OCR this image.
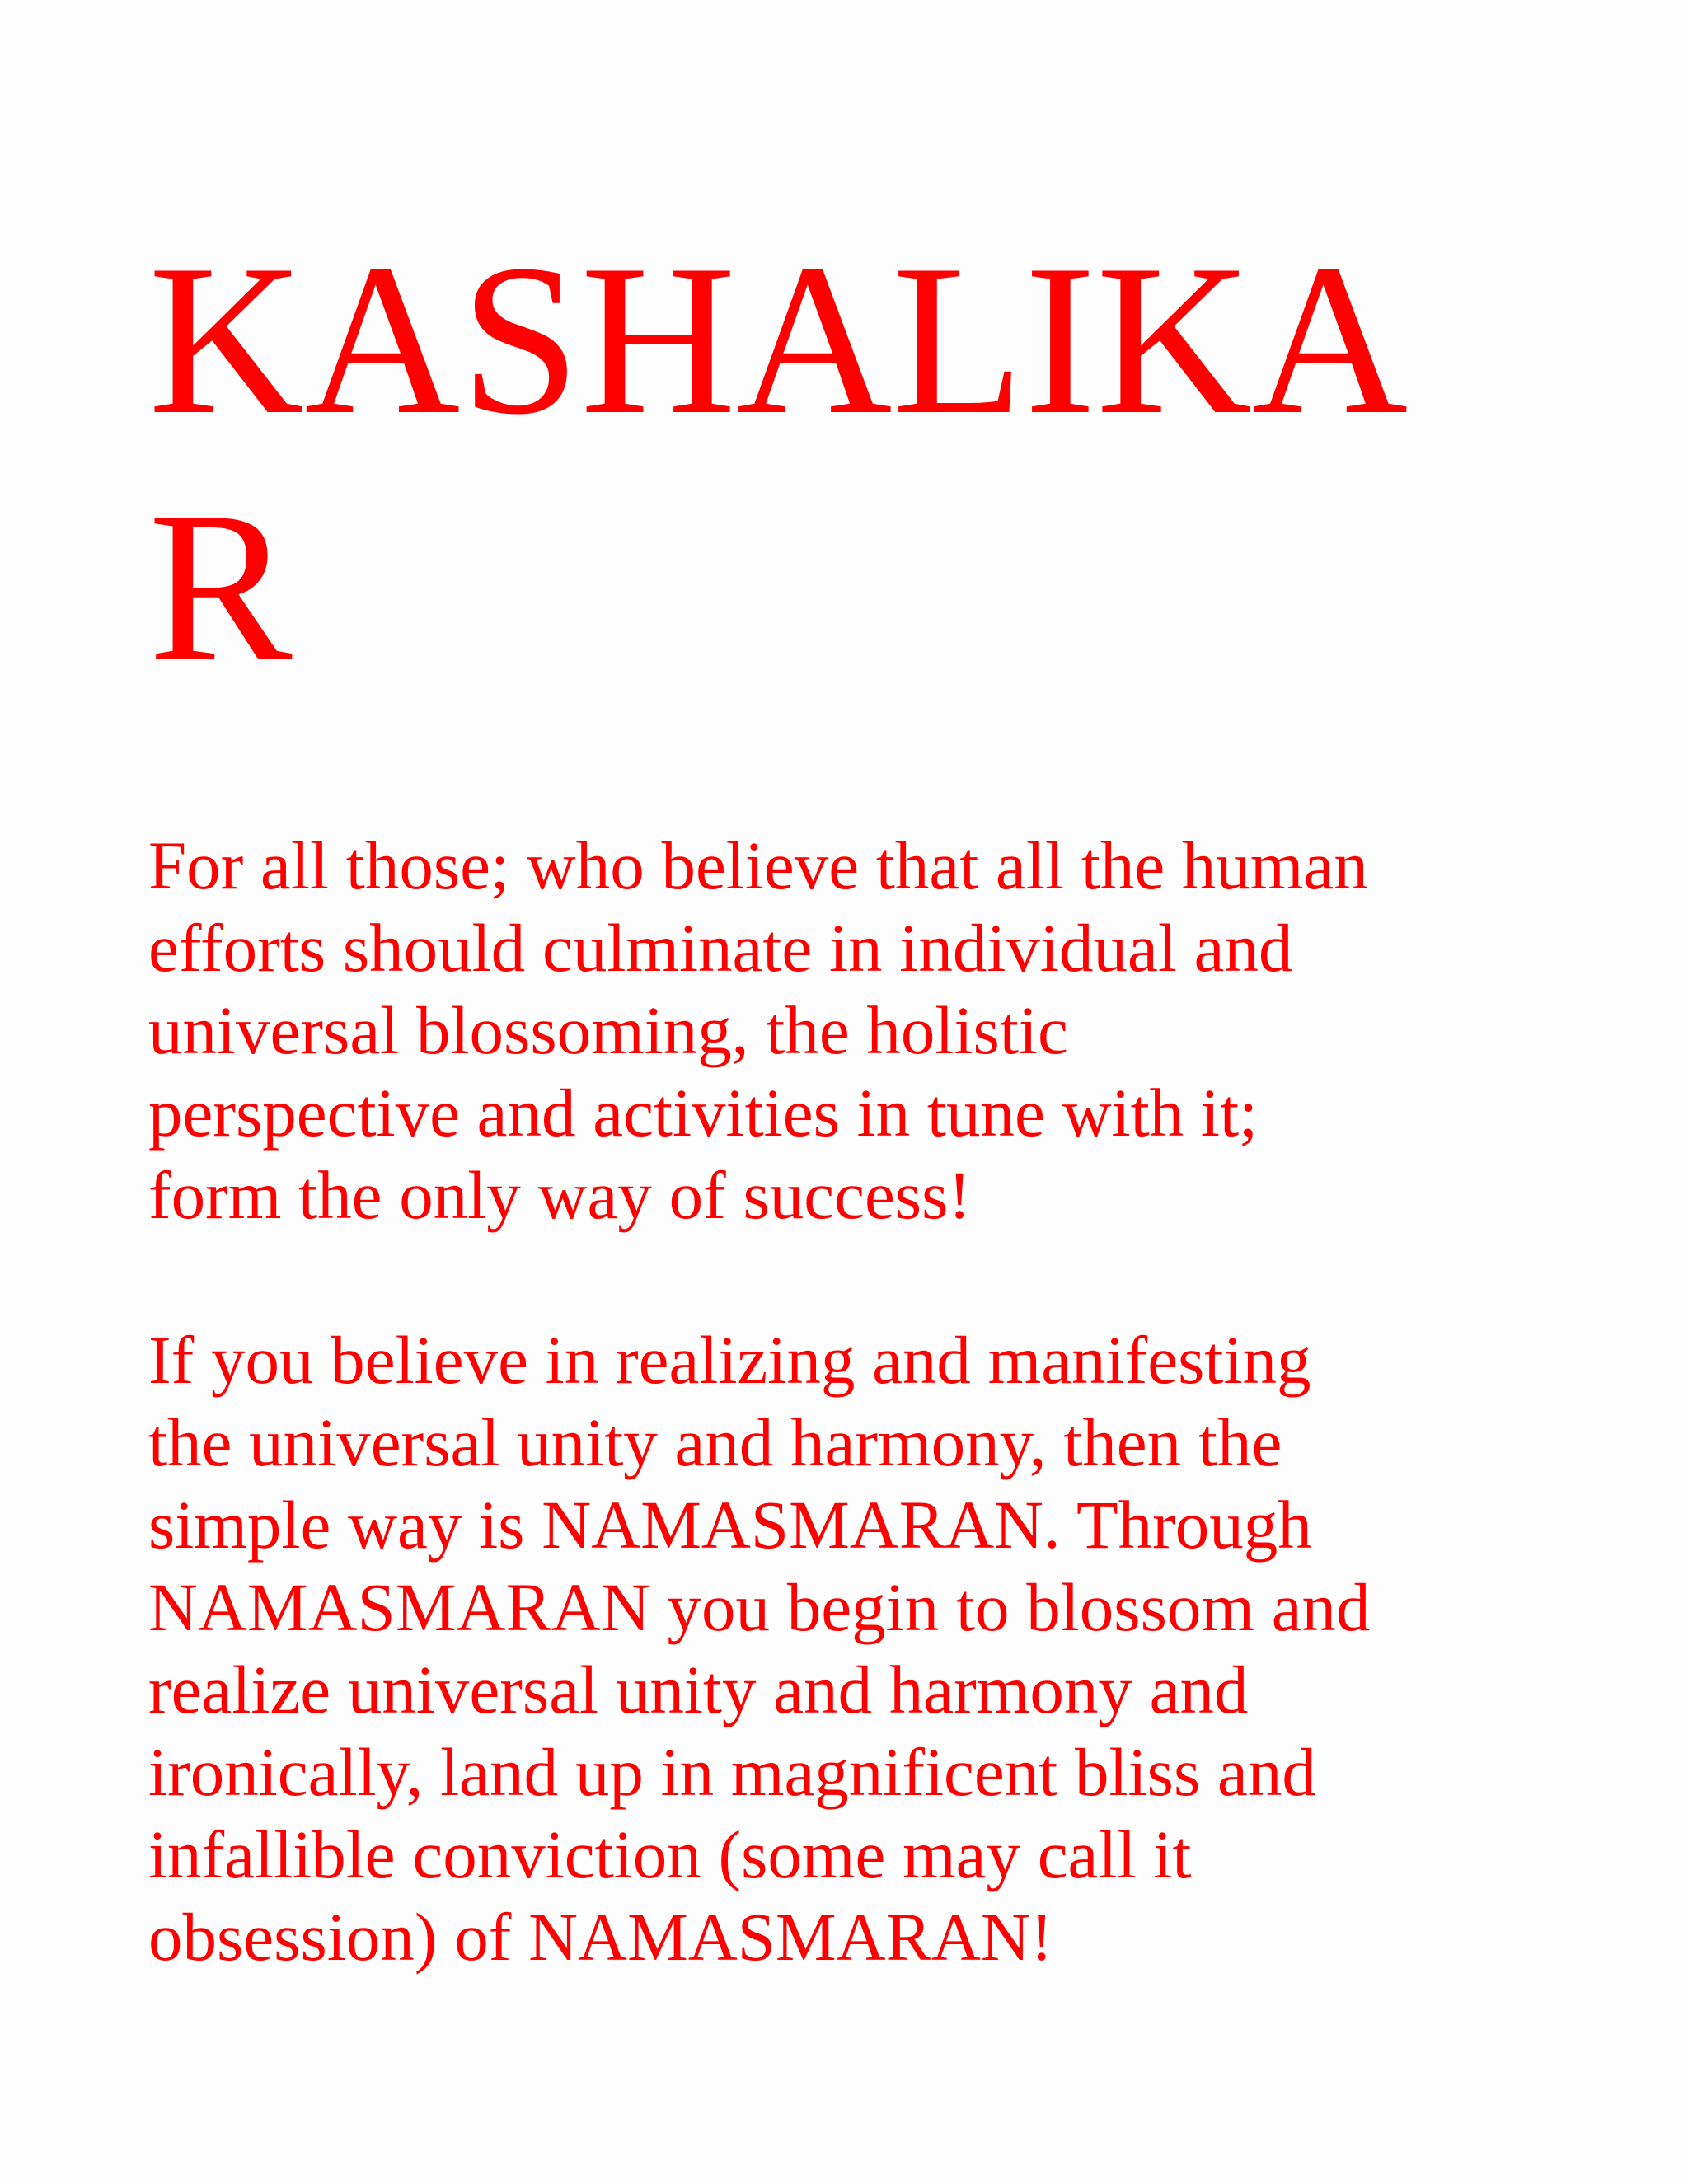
KASHALIKA
R

For all those; who believe that all the human
efforts should culminate in individual and
universal blossoming, the holistic
perspective and activities in tune with it;
form the only way of success!

If you believe in realizing and manifesting
the universal unity and harmony, then the
simple way is NAMASMARAN. Through
NAMASMARAN you begin to blossom and
realize universal unity and harmony and
ironically, land up in magnificent bliss and
infallible conviction (some may call it
obsession) of NAMASMARAN!
